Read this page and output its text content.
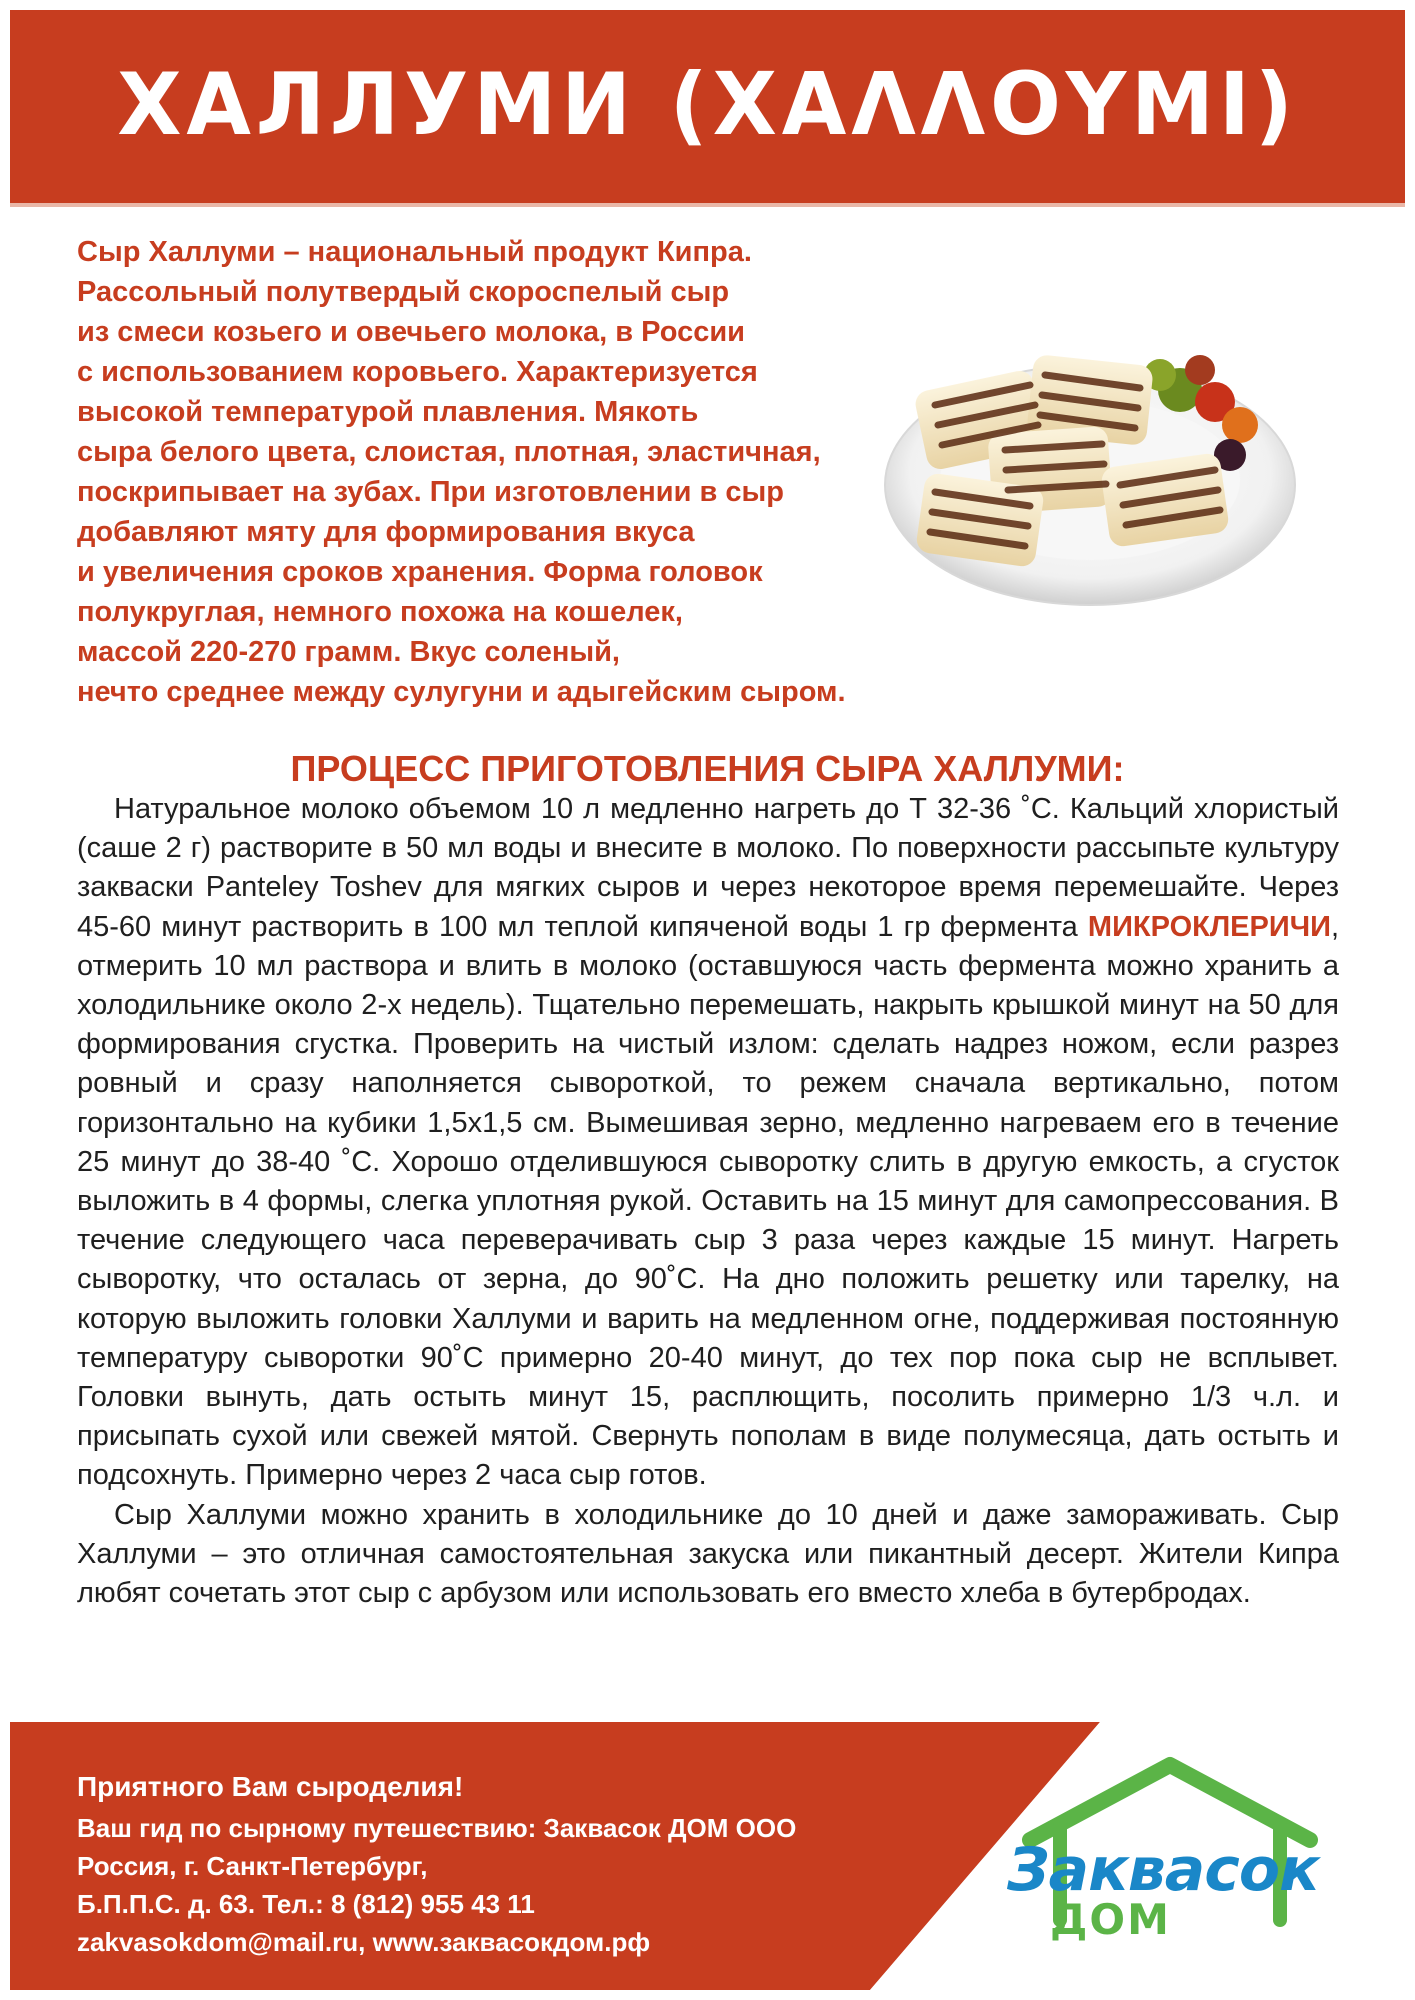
ХАЛЛУМИ (ΧΑΛΛΟΥΜΙ)
Сыр Халлуми – национальный продукт Кипра.
Рассольный полутвердый скороспелый сыр
из смеси козьего и овечьего молока, в России
с использованием коровьего. Характеризуется
высокой температурой плавления. Мякоть
сыра белого цвета, слоистая, плотная, эластичная,
поскрипывает на зубах. При изготовлении в сыр
добавляют мяту для формирования вкуса
и увеличения сроков хранения. Форма головок
полукруглая, немного похожа на кошелек,
массой 220-270 грамм. Вкус соленый,
нечто среднее между сулугуни и адыгейским сыром.
ПРОЦЕСС ПРИГОТОВЛЕНИЯ СЫРА ХАЛЛУМИ:

Натуральное молоко объемом 10 л медленно нагреть до Т 32-36 ˚С. Кальций хлористый (саше 2 г) растворите в 50 мл воды и внесите в молоко. По поверхности рассыпьте культуру закваски Panteley Toshev для мягких сыров и через некоторое время перемешайте. Через 45-60 минут растворить в 100 мл теплой кипяченой воды 1 гр фермента МИКРОКЛЕРИЧИ, отмерить 10 мл раствора и влить в молоко (оставшуюся часть фермента можно хранить а холодильнике около 2-х недель). Тщательно перемешать, накрыть крышкой минут на 50 для формирования сгустка. Проверить на чистый излом: сделать надрез ножом, если разрез ровный и сразу наполняется сывороткой, то режем сначала вертикально, потом горизонтально на кубики 1,5х1,5 см. Вымешивая зерно, медленно нагреваем его в течение 25 минут до 38-40 ˚С. Хорошо отделившуюся сыворотку слить в другую емкость, а сгусток выложить в 4 формы, слегка уплотняя рукой. Оставить на 15 минут для самопрессования. В течение следующего часа переверачивать сыр 3 раза через каждые 15 минут. Нагреть сыворотку, что осталась от зерна, до 90˚С. На дно положить решетку или тарелку, на которую выложить головки Халлуми и варить на медленном огне, поддерживая постоянную температуру сыворотки 90˚С примерно 20-40 минут, до тех пор пока сыр не всплывет. Головки вынуть, дать остыть минут 15, расплющить, посолить примерно 1/3 ч.л. и присыпать сухой или свежей мятой. Свернуть пополам в виде полумесяца, дать остыть и подсохнуть. Примерно через 2 часа сыр готов.

Сыр Халлуми можно хранить в холодильнике до 10 дней и даже замораживать. Сыр Халлуми – это отличная самостоятельная закуска или пикантный десерт. Жители Кипра любят сочетать этот сыр с арбузом или использовать его вместо хлеба в бутербродах.

Приятного Вам сыроделия!
Ваш гид по сырному путешествию: Заквасок ДОМ ООО
Россия, г. Санкт-Петербург,
Б.П.П.С. д. 63. Тел.: 8 (812) 955 43 11
zakvasokdom@mail.ru, www.заквасокдом.рф
Заквасок
ДОМ
